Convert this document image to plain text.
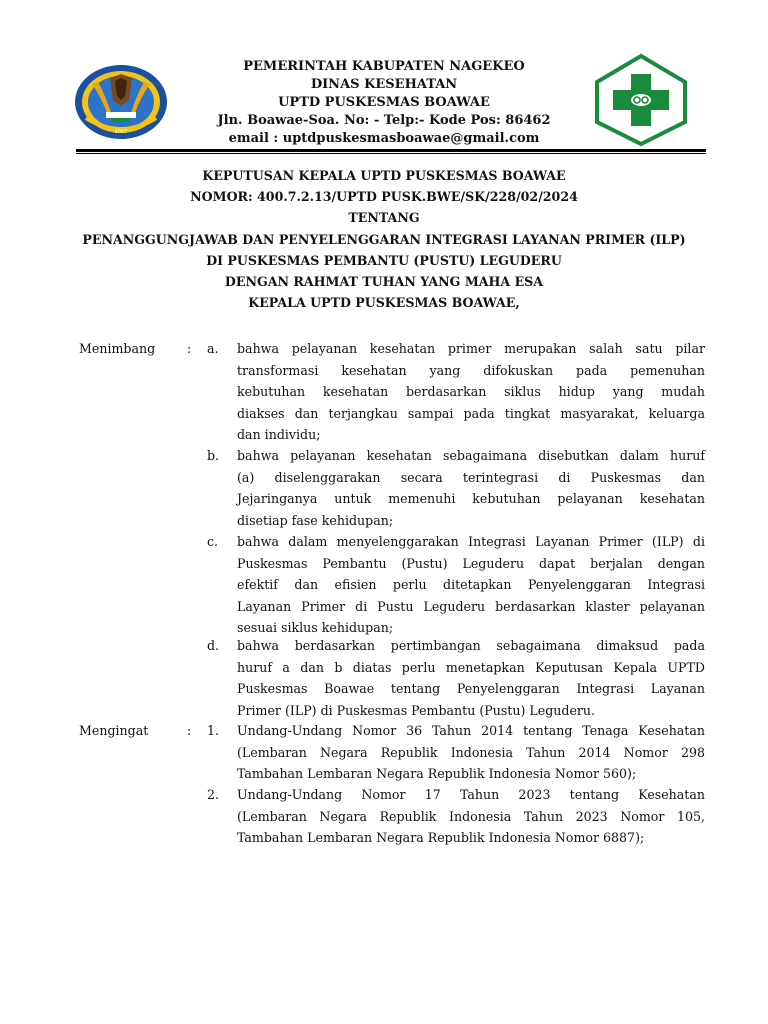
2007
PEMERINTAH KABUPATEN NAGEKEO
DINAS KESEHATAN
UPTD PUSKESMAS BOAWAE
Jln. Boawae-Soa. No: - Telp:- Kode Pos: 86462
email : uptdpuskesmasboawae@gmail.com
KEPUTUSAN KEPALA UPTD PUSKESMAS BOAWAE
NOMOR: 400.7.2.13/UPTD PUSK.BWE/SK/228/02/2024
TENTANG
PENANGGUNGJAWAB DAN PENYELENGGARAN INTEGRASI LAYANAN PRIMER (ILP)
DI PUSKESMAS PEMBANTU (PUSTU) LEGUDERU
DENGAN RAHMAT TUHAN YANG MAHA ESA
KEPALA UPTD PUSKESMAS BOAWAE,
Menimbang	: a. bahwa pelayanan kesehatan primer merupakan salah satu pilar
transformasi kesehatan yang difokuskan pada pemenuhan
kebutuhan kesehatan berdasarkan siklus hidup yang mudah
diakses dan terjangkau sampai pada tingkat masyarakat, keluarga
dan individu;
b. bahwa pelayanan kesehatan sebagaimana disebutkan dalam huruf
(a) diselenggarakan secara terintegrasi di Puskesmas dan
Jejaringanya untuk memenuhi kebutuhan pelayanan kesehatan
disetiap fase kehidupan;
c. bahwa dalam menyelenggarakan Integrasi Layanan Primer (ILP) di
Puskesmas Pembantu (Pustu) Leguderu dapat berjalan dengan
efektif dan efisien perlu ditetapkan Penyelenggaran Integrasi
Layanan Primer di Pustu Leguderu berdasarkan klaster pelayanan
sesuai siklus kehidupan;
d. bahwa berdasarkan pertimbangan sebagaimana dimaksud pada
huruf a dan b diatas perlu menetapkan Keputusan Kepala UPTD
Puskesmas Boawae tentang Penyelenggaran Integrasi Layanan
Primer (ILP) di Puskesmas Pembantu (Pustu) Leguderu.
Mengingat	: 1. Undang-Undang Nomor 36 Tahun 2014 tentang Tenaga Kesehatan
(Lembaran Negara Republik Indonesia Tahun 2014 Nomor 298
Tambahan Lembaran Negara Republik Indonesia Nomor 560);
2. Undang-Undang Nomor 17 Tahun 2023 tentang Kesehatan
(Lembaran Negara Republik Indonesia Tahun 2023 Nomor 105,
Tambahan Lembaran Negara Republik Indonesia Nomor 6887);
